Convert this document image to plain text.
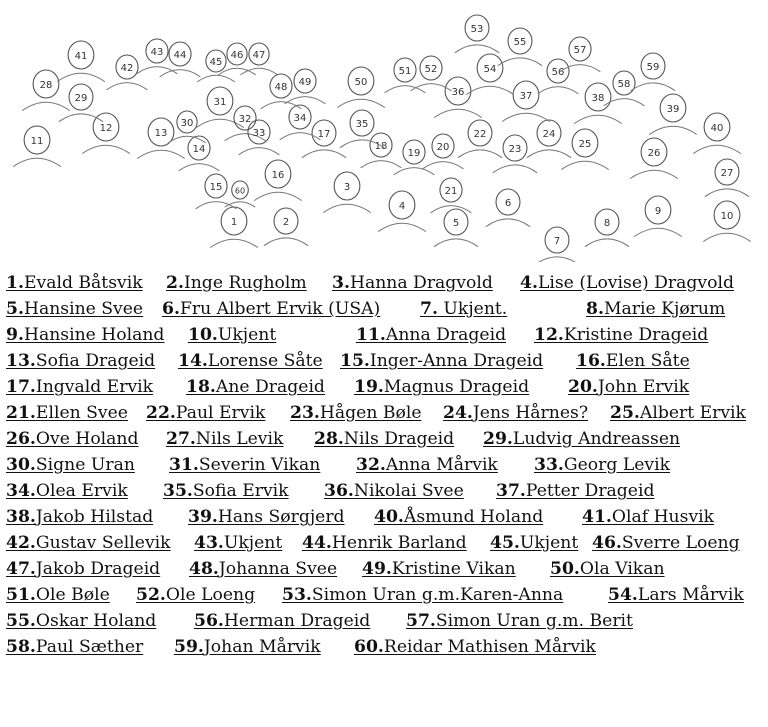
1	2
3
4
5
6
7
8
9	10
11
12	13
14
15
16
17
18
19
20
21
22
23
24
25
26
27
28
29
30
31
32
33
34
35
36	37	38
39
40
41
42
43 44
45
46 47
48 49	50
51 52
53
54
55
56
57
58
59
60
1.Evald Båtsvik 2.Inge Rugholm 3.Hanna Dragvold 4.Lise (Lovise) Dragvold
5.Hansine Svee 6.Fru Albert Ervik (USA) 7. Ukjent.	8.Marie Kjørum
9.Hansine Holand 10.Ukjent	11.Anna Drageid 12.Kristine Drageid
13.Sofia Drageid 14.Lorense Såte 15.Inger-Anna Drageid 16.Elen Såte
17.Ingvald Ervik 18.Ane Drageid 19.Magnus Drageid 20.John Ervik
21.Ellen Svee 22.Paul Ervik 23.Hågen Bøle 24.Jens Hårnes? 25.Albert Ervik
26.Ove Holand 27.Nils Levik 28.Nils Drageid 29.Ludvig Andreassen
30.Signe Uran 31.Severin Vikan 32.Anna Mårvik 33.Georg Levik
34.Olea Ervik 35.Sofia Ervik 36.Nikolai Svee 37.Petter Drageid
38.Jakob Hilstad 39.Hans Sørgjerd 40.Åsmund Holand 41.Olaf Husvik
42.Gustav Sellevik 43.Ukjent 44.Henrik Barland 45.Ukjent 46.Sverre Loeng
47.Jakob Drageid 48.Johanna Svee 49.Kristine Vikan 50.Ola Vikan
51.Ole Bøle 52.Ole Loeng 53.Simon Uran g.m.Karen-Anna	54.Lars Mårvik
55.Oskar Holand 56.Herman Drageid 57.Simon Uran g.m. Berit
58.Paul Sæther 59.Johan Mårvik 60.Reidar Mathisen Mårvik
